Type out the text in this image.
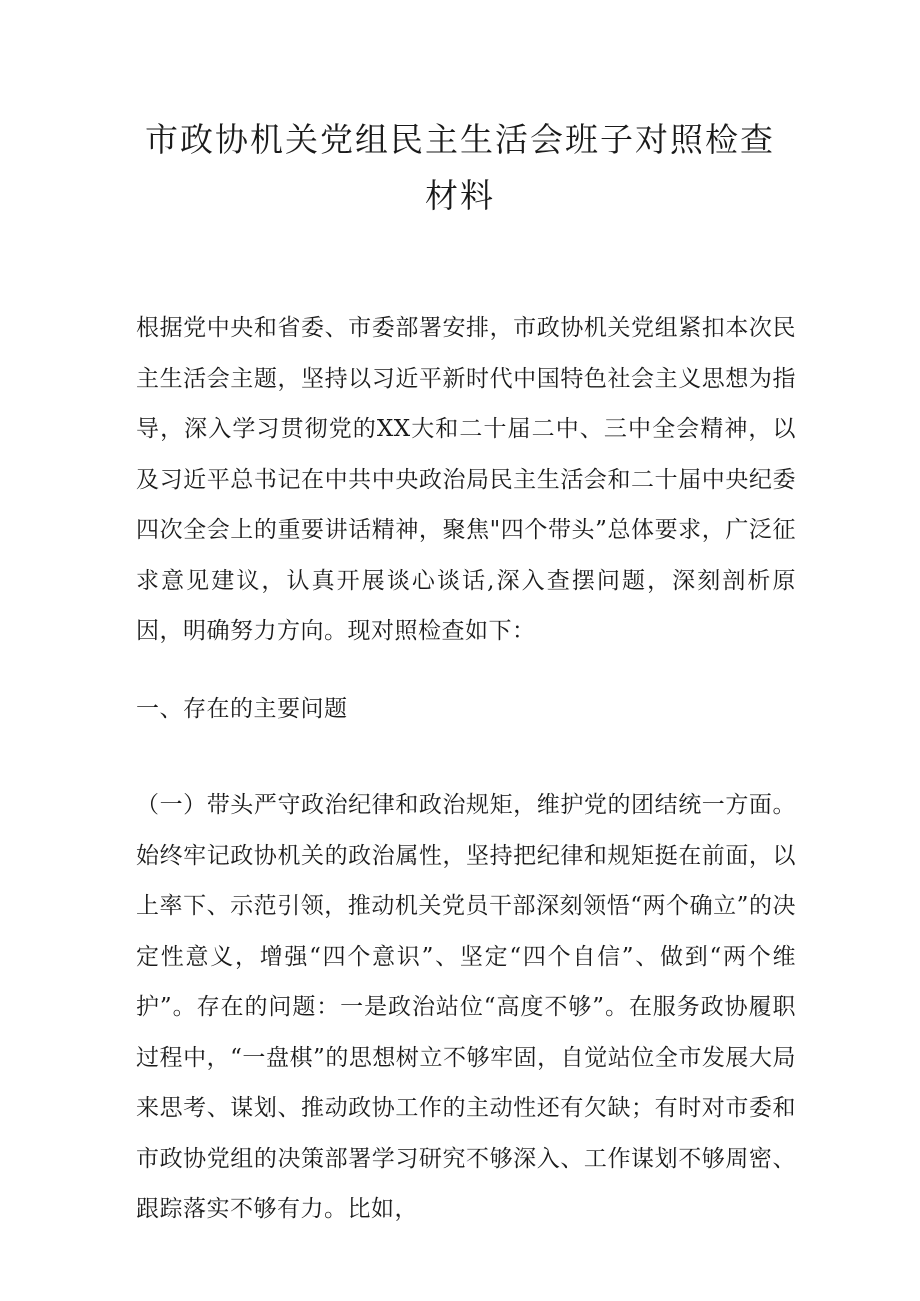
市政协机关党组民主生活会班子对照检查材料

根据党中央和省委、市委部署安排，市政协机关党组紧扣本次民主生活会主题，坚持以习近平新时代中国特色社会主义思想为指导，深入学习贯彻党的XX大和二十届二中、三中全会精神，以及习近平总书记在中共中央政治局民主生活会和二十届中央纪委四次全会上的重要讲话精神，聚焦"四个带头”总体要求，广泛征求意见建议，认真开展谈心谈话,深入查摆问题，深刻剖析原因，明确努力方向。现对照检查如下：

一、存在的主要问题

（一）带头严守政治纪律和政治规矩，维护党的团结统一方面。始终牢记政协机关的政治属性，坚持把纪律和规矩挺在前面，以上率下、示范引领，推动机关党员干部深刻领悟“两个确立”的决定性意义，增强“四个意识”、坚定“四个自信”、做到“两个维护”。存在的问题：一是政治站位“高度不够”。在服务政协履职过程中，“一盘棋”的思想树立不够牢固，自觉站位全市发展大局来思考、谋划、推动政协工作的主动性还有欠缺；有时对市委和市政协党组的决策部署学习研究不够深入、工作谋划不够周密、跟踪落实不够有力。比如，
